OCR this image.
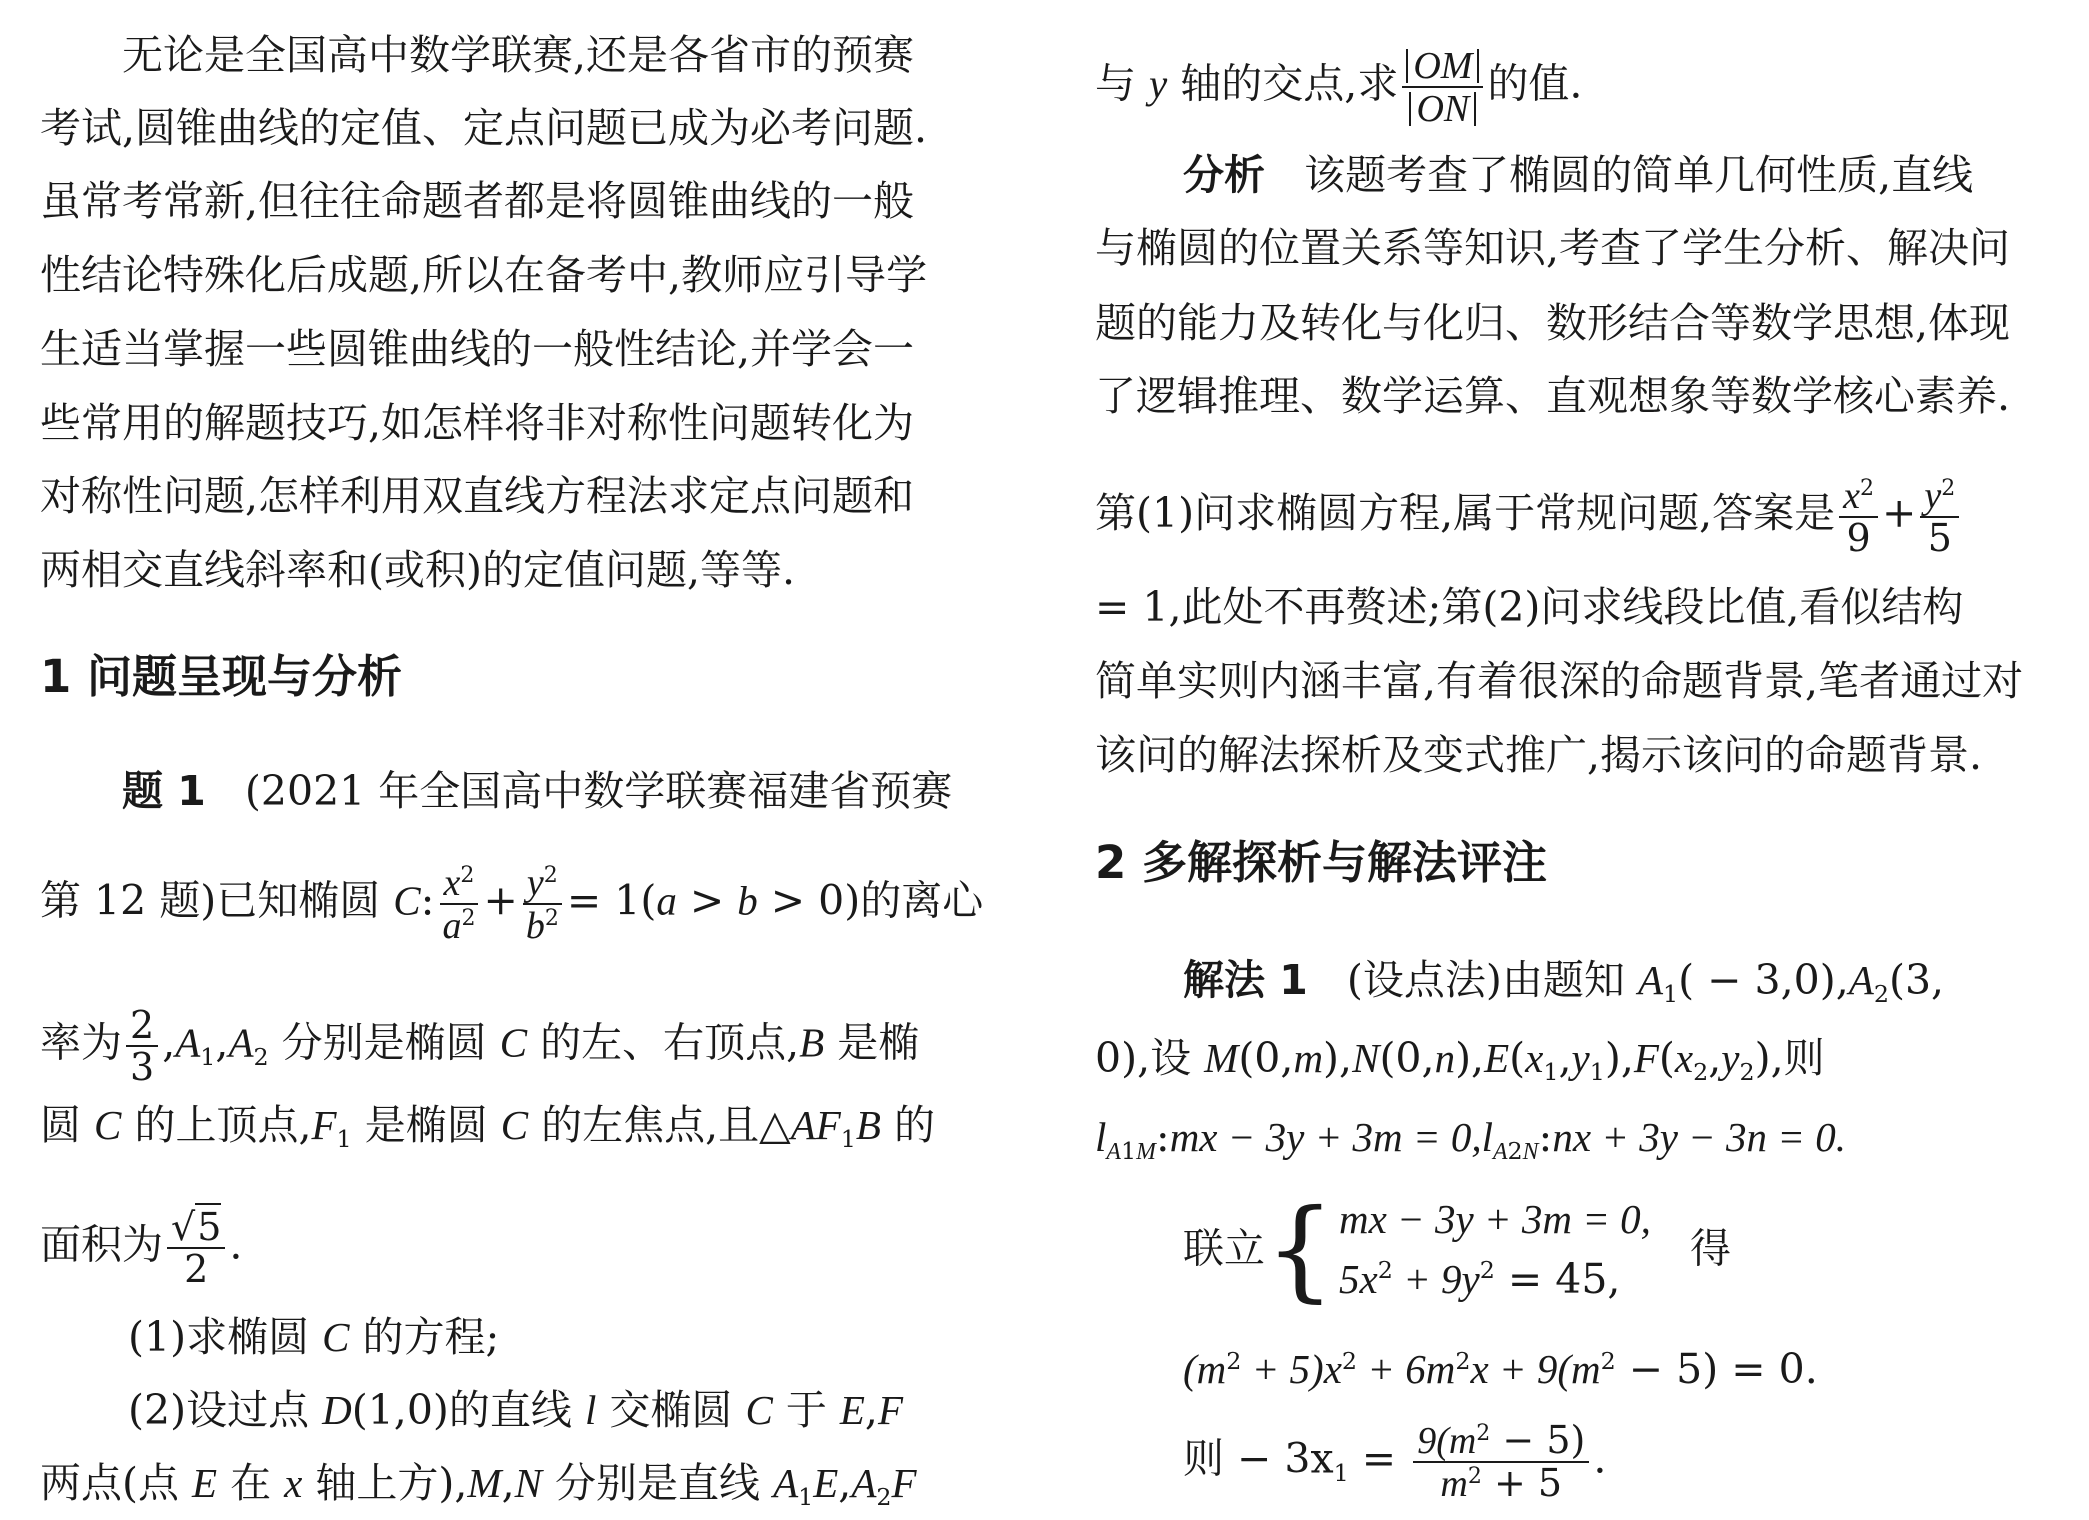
无论是全国高中数学联赛,还是各省市的预赛
考试,圆锥曲线的定值、定点问题已成为必考问题.
虽常考常新,但往往命题者都是将圆锥曲线的一般
性结论特殊化后成题,所以在备考中,教师应引导学
生适当掌握一些圆锥曲线的一般性结论,并学会一
些常用的解题技巧,如怎样将非对称性问题转化为
对称性问题,怎样利用双直线方程法求定点问题和
两相交直线斜率和(或积)的定值问题,等等.
1 问题呈现与分析
题 1 (2021 年全国高中数学联赛福建省预赛
第 12 题)已知椭圆 C: $\frac{x^2}{a^2} + \frac{y^2}{b^2} = 1(a > b > 0)$的离心
率为 $\frac{2}{3} ,A_1,A_2$ 分别是椭圆 C 的左、右顶点,B 是椭
圆 C 的上顶点$,F_1$ 是椭圆 C 的左焦点,且$\triangle AF_1B$ 的
面积为 $\frac{√5}{2}$ .
(1)求椭圆 C 的方程;
(2)设过点 D(1,0)的直线 l 交椭圆 C 于 E,F
两点(点 E 在 x 轴上方),M,N 分别是直线 $A_1E,A_2F$
与 y 轴的交点,求 $\frac{OM}{ON}$ 的值.
分析 该题考查了椭圆的简单几何性质,直线
与椭圆的位置关系等知识,考查了学生分析、解决问
题的能力及转化与化归、数形结合等数学思想,体现
了逻辑推理、数学运算、直观想象等数学核心素养.
第(1)问求椭圆方程,属于常规问题,答案是 $\frac{x^2}{9} + \frac{y^2}{5}$
= 1,此处不再赘述;第(2)问求线段比值,看似结构
简单实则内涵丰富,有着很深的命题背景,笔者通过对
该问的解法探析及变式推广,揭示该问的命题背景.
2 多解探析与解法评注
解法 1 (设点法)由题知 $A_1( - 3,0),A_2(3$,
0),设 $M(0,m),N(0,n),E(x_1,y_1),F(x_2,y_2)$,则
$l_{A1M}:mx - 3y + 3m$ = $0,l_{A2N}:nx + 3y - 3n = 0$.
联立 { mx − 3y + 3m = 0,
$5x^2 + 9y^2 = 45$,
得
$(m^2 + 5)x^2 + 6m^2x + 9(m^2 - 5) = 0$.
则 − $3x_1 = \frac{9(m^2 - 5)}{m^2 + 5}$ .
